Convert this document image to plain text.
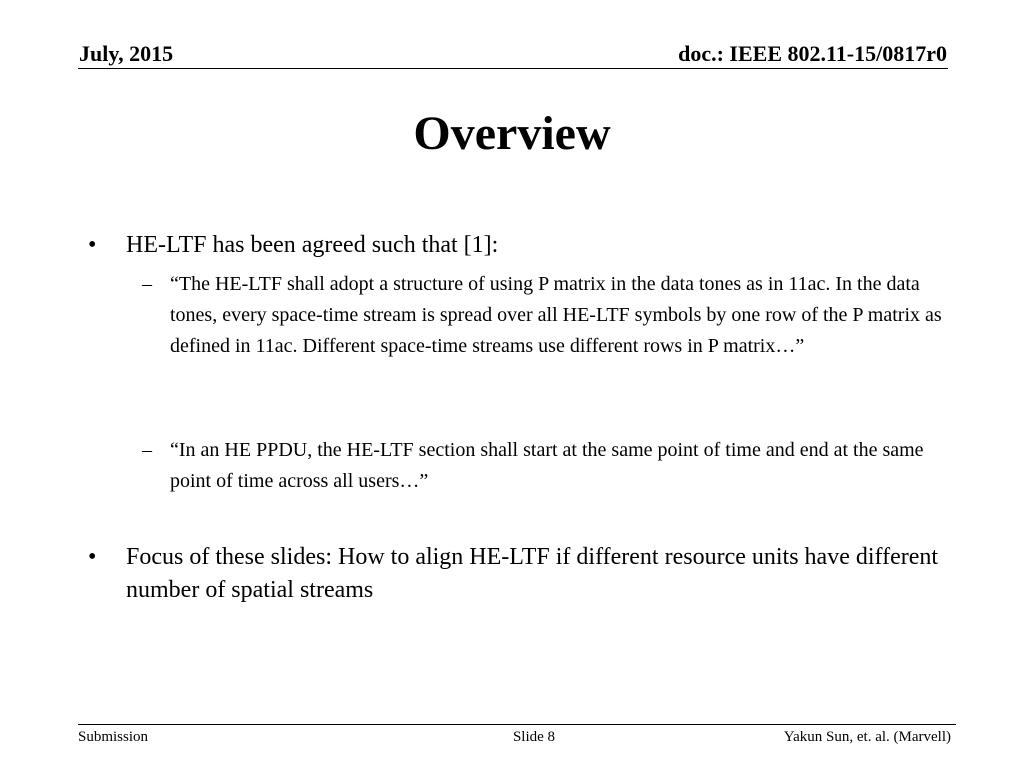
July, 2015	doc.: IEEE 802.11-15/0817r0
Overview
• HE-LTF has been agreed such that [1]:
– “The HE-LTF shall adopt a structure of using P matrix in the data tones as in 11ac. In the data tones, every space-time stream is spread over all HE-LTF symbols by one row of the P matrix as defined in 11ac. Different space-time streams use different rows in P matrix…”
– “In an HE PPDU, the HE-LTF section shall start at the same point of time and end at the same point of time across all users…”
• Focus of these slides: How to align HE-LTF if different resource units have different number of spatial streams
Submission	Slide 8	Yakun Sun, et. al. (Marvell)
